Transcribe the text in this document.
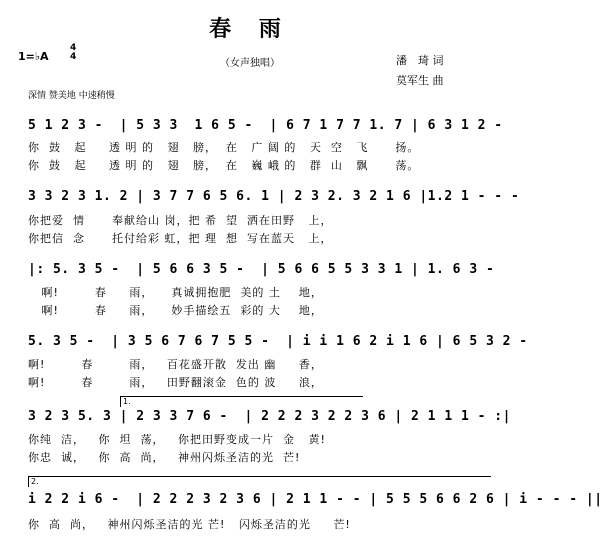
春 雨
1=♭A
4
4
（女声独唱）	潘　琦 词
莫军生 曲
深情 赞美地 中速稍慢
5 1 2 3 -  | 5 3 3  1 6 5 -  | 6 7 1 7 7 1. 7 | 6 3 1 2 -
你  鼓   起     透 明 的   翅   膀，  在   广 阔 的   天  空   飞      扬。
你  鼓   起     透 明 的   翅   膀，  在   巍 峨 的   群  山   飘      荡。
3 3 2 3 1. 2 | 3 7 7 6 5 6. 1 | 2 3 2. 3 2 1 6 |1.2 1 - - -
你把爱  情      奉献给山 岗，把 希  望  洒在田野   上，
你把信  念      托付给彩 虹，把 理  想  写在蓝天   上，
|: 5. 3 5 -  | 5 6 6 3 5 -  | 5 6 6 5 5 3 3 1 | 1. 6 3 -
啊!        春     雨，    真诚拥抱肥  美的 土    地，
啊!        春     雨，    妙手描绘五  彩的 大    地，
5. 3 5 -  | 3 5 6 7 6 7 5 5 -  | i i 1 6 2 i 1 6 | 6 5 3 2 -
啊!        春        雨，   百花盛开散  发出 幽     香，
啊!        春        雨，   田野翻滚金  色的 波     浪，
1.
3 2 3 5. 3 | 2 3 3 7 6 -  | 2 2 2 3 2 2 3 6 | 2 1 1 1 - :|
你纯  洁，   你  坦  荡，   你把田野变成一片  金   黄!
你忠  诚，   你  高  尚，   神州闪烁圣洁的光  芒!
2.
i 2 2 i 6 -  | 2 2 2 3 2 3 6 | 2 1 1 - - | 5 5 5 6 6 2 6 | i - - - ||
你  高  尚，   神州闪烁圣洁的光 芒!   闪烁圣洁的光     芒!
